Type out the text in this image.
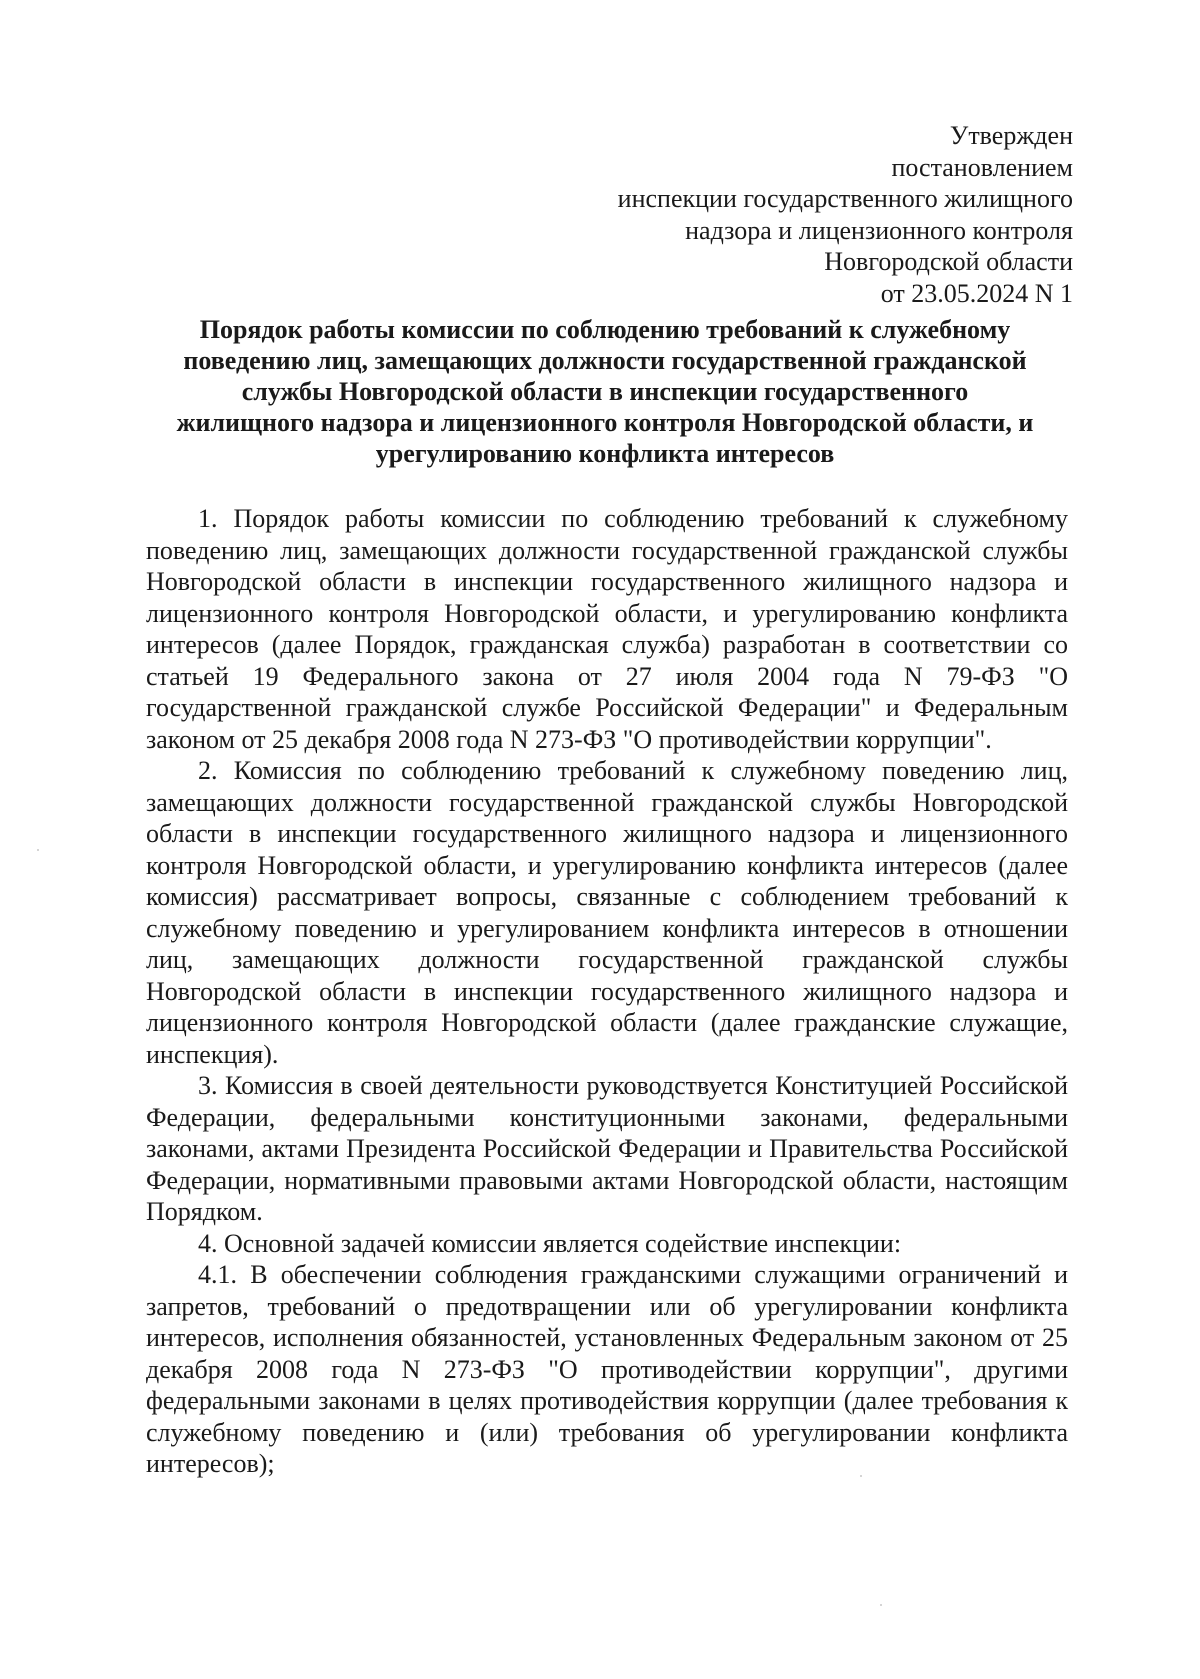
Утвержден
постановлением
инспекции государственного жилищного
надзора и лицензионного контроля
Новгородской области
от 23.05.2024 N 1
Порядок работы комиссии по соблюдению требований к служебному
поведению лиц, замещающих должности государственной гражданской
службы Новгородской области в инспекции государственного
жилищного надзора и лицензионного контроля Новгородской области, и
урегулированию конфликта интересов

1. Порядок работы комиссии по соблюдению требований к служебному поведению лиц, замещающих должности государственной гражданской службы Новгородской области в инспекции государственного жилищного надзора и лицензионного контроля Новгородской области, и урегулированию конфликта интересов (далее Порядок, гражданская служба) разработан в соответствии со статьей 19 Федерального закона от 27 июля 2004 года N 79-ФЗ "О государственной гражданской службе Российской Федерации" и Федеральным законом от 25 декабря 2008 года N 273-ФЗ "О противодействии коррупции".

2. Комиссия по соблюдению требований к служебному поведению лиц, замещающих должности государственной гражданской службы Новгородской области в инспекции государственного жилищного надзора и лицензионного контроля Новгородской области, и урегулированию конфликта интересов (далее комиссия) рассматривает вопросы, связанные с соблюдением требований к служебному поведению и урегулированием конфликта интересов в отношении лиц, замещающих должности государственной гражданской службы Новгородской области в инспекции государственного жилищного надзора и лицензионного контроля Новгородской области (далее гражданские служащие, инспекция).

3. Комиссия в своей деятельности руководствуется Конституцией Российской Федерации, федеральными конституционными законами, федеральными законами, актами Президента Российской Федерации и Правительства Российской Федерации, нормативными правовыми актами Новгородской области, настоящим Порядком.

4. Основной задачей комиссии является содействие инспекции:

4.1. В обеспечении соблюдения гражданскими служащими ограничений и запретов, требований о предотвращении или об урегулировании конфликта интересов, исполнения обязанностей, установленных Федеральным законом от 25 декабря 2008 года N 273-ФЗ "О противодействии коррупции", другими федеральными законами в целях противодействия коррупции (далее требования к служебному поведению и (или) требования об урегулировании конфликта интересов);
